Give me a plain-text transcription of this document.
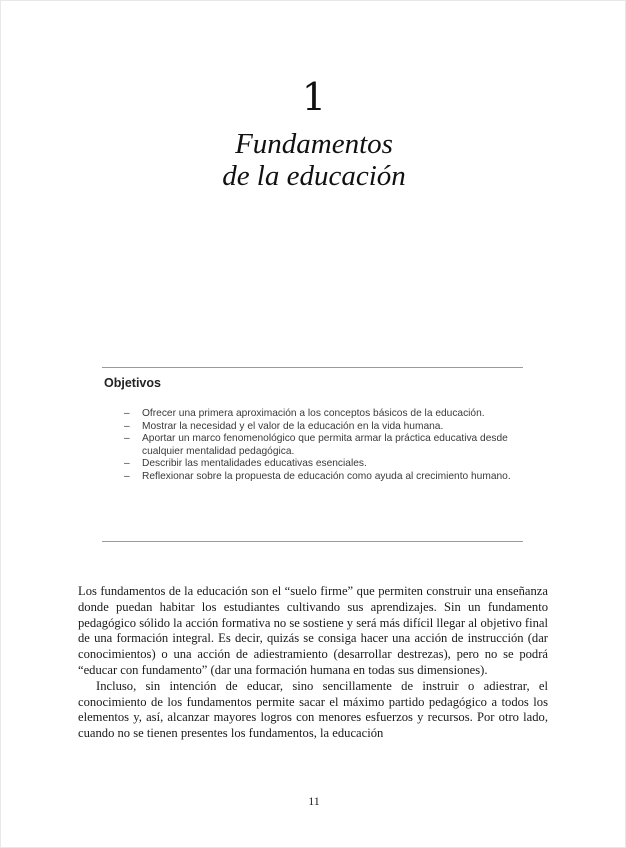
1
Fundamentos
de la educación
Objetivos
– Ofrecer una primera aproximación a los conceptos básicos de la educación.
– Mostrar la necesidad y el valor de la educación en la vida humana.
– Aportar un marco fenomenológico que permita armar la práctica educativa desde cualquier mentalidad pedagógica.
– Describir las mentalidades educativas esenciales.
– Reflexionar sobre la propuesta de educación como ayuda al crecimiento humano.

Los fundamentos de la educación son el “suelo firme” que permiten construir una enseñanza donde puedan habitar los estudiantes cultivando sus aprendizajes. Sin un fundamento pedagógico sólido la acción formativa no se sostiene y será más difícil llegar al objetivo final de una formación integral. Es decir, quizás se consiga hacer una acción de instrucción (dar conocimientos) o una acción de adiestramiento (desarrollar destrezas), pero no se podrá “educar con fundamento” (dar una formación humana en todas sus dimensiones).

Incluso, sin intención de educar, sino sencillamente de instruir o adiestrar, el conocimiento de los fundamentos permite sacar el máximo partido pedagógico a todos los elementos y, así, alcanzar mayores logros con menores esfuerzos y recursos. Por otro lado, cuando no se tienen presentes los fundamentos, la educación

11
